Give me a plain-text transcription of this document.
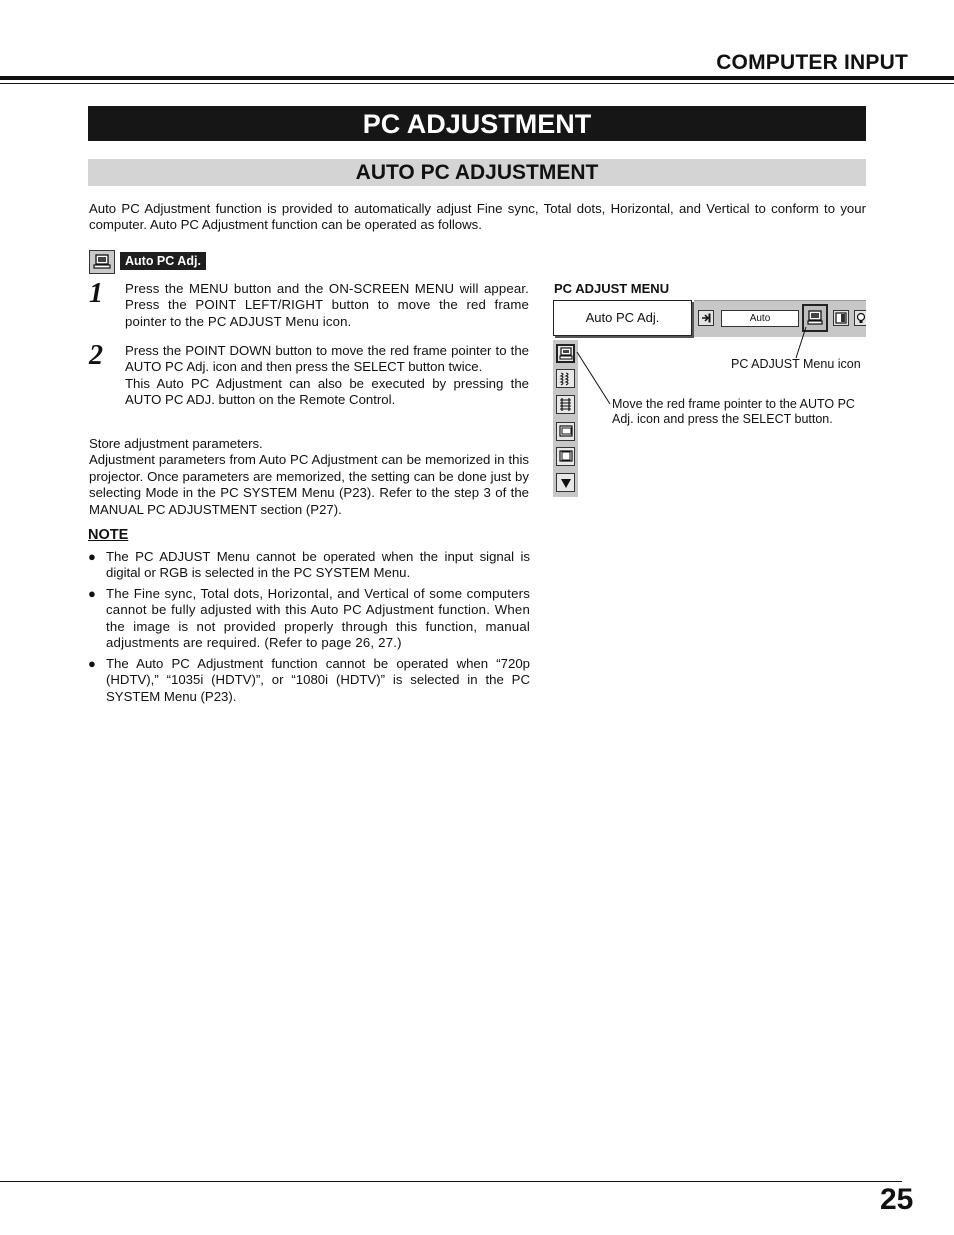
COMPUTER INPUT
PC ADJUSTMENT
AUTO PC ADJUSTMENT
Auto PC Adjustment function is provided to automatically adjust Fine sync, Total dots, Horizontal, and Vertical to conform to your computer. Auto PC Adjustment function can be operated as follows.
Auto PC Adj.
1 Press the MENU button and the ON-SCREEN MENU will appear. Press the POINT LEFT/RIGHT button to move the red frame pointer to the PC ADJUST Menu icon.
2 Press the POINT DOWN button to move the red frame pointer to the AUTO PC Adj. icon and then press the SELECT button twice.
This Auto PC Adjustment can also be executed by pressing the AUTO PC ADJ. button on the Remote Control.
Store adjustment parameters.
Adjustment parameters from Auto PC Adjustment can be memorized in this projector. Once parameters are memorized, the setting can be done just by selecting Mode in the PC SYSTEM Menu (P23). Refer to the step 3 of the MANUAL PC ADJUSTMENT section (P27).
NOTE
● The PC ADJUST Menu cannot be operated when the input signal is digital or RGB is selected in the PC SYSTEM Menu.
● The Fine sync, Total dots, Horizontal, and Vertical of some computers cannot be fully adjusted with this Auto PC Adjustment function. When the image is not provided properly through this function, manual adjustments are required. (Refer to page 26, 27.)
● The Auto PC Adjustment function cannot be operated when “720p (HDTV),” “1035i (HDTV)”, or “1080i (HDTV)” is selected in the PC SYSTEM Menu (P23).
PC ADJUST MENU
Auto PC Adj.	Auto
PC ADJUST Menu icon
Move the red frame pointer to the AUTO PC Adj. icon and press the SELECT button.
25
